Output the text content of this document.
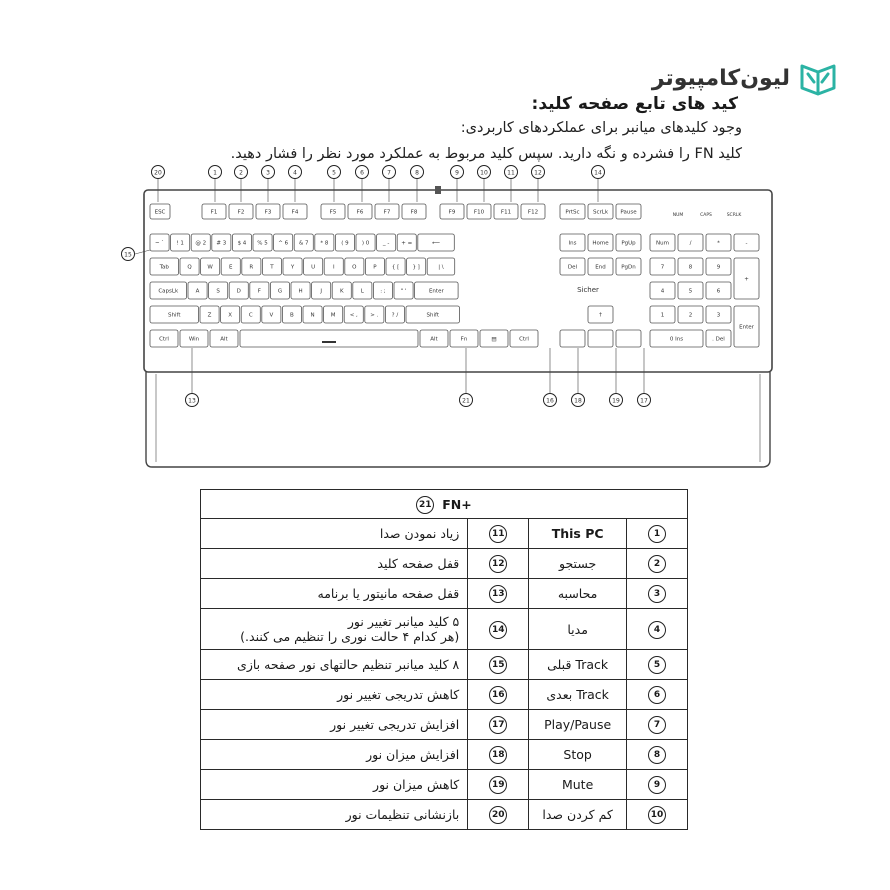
لیون‌کامپیوتر
کید های تابع صفحه کلید:
وجود کلیدهای میانبر برای عملکردهای کاربردی:
کلید FN را فشرده و نگه دارید. سپس کلید مربوط به عملکرد مورد نظر را فشار دهید.
ESC	F1	F2	F3	F4	F5	F6	F7	F8	F9	F10	F11	F12	PrtSc ScrLk Pause	NUM	CAPS	SCRLK
~ ` ! 1 @ 2 # 3 $ 4 % 5 ^ 6 & 7 * 8 ( 9 ) 0 _ - + =	⟵	Ins	Home PgUp	Num	/	*	-
Tab	Q	W	E	R	T	Y	U	I	O	P	{ [ } ]	| \	Del	End	PgDn	7	8	9
+
CapsLk	A	S	D	F	G	H	J	K	L	: ;	" '	Enter	4	5	6
Sicher
Shift	Z	X	C	V	B	N	M	< , > . ? /	Shift	↑	1	2	3
Enter
Ctrl	Win	Alt	Alt	Fn	▤	Ctrl	0 Ins	. Del
20	1	2	3	4	5	6	7	8	9	10	11	12	14
15
13	21	16	18	19	17
21 FN+			

زیاد نمودن صدا	11	This PC	1

قفل صفحه کلید	12	جستجو	2

قفل صفحه مانیتور یا برنامه	13	محاسبه	3

۵ کلید میانبر تغییر نور
(هر کدام ۴ حالت نوری را تنظیم می کنند.)	14	مدیا	4

۸ کلید میانبر تنظیم حالتهای نور صفحه بازی	15	Track قبلی	5

کاهش تدریجی تغییر نور	16	Track بعدی	6

افزایش تدریجی تغییر نور	17	Play/Pause	7

افزایش میزان نور	18	Stop	8

کاهش میزان نور	19	Mute	9

بازنشانی تنظیمات نور	20	کم کردن صدا	10
